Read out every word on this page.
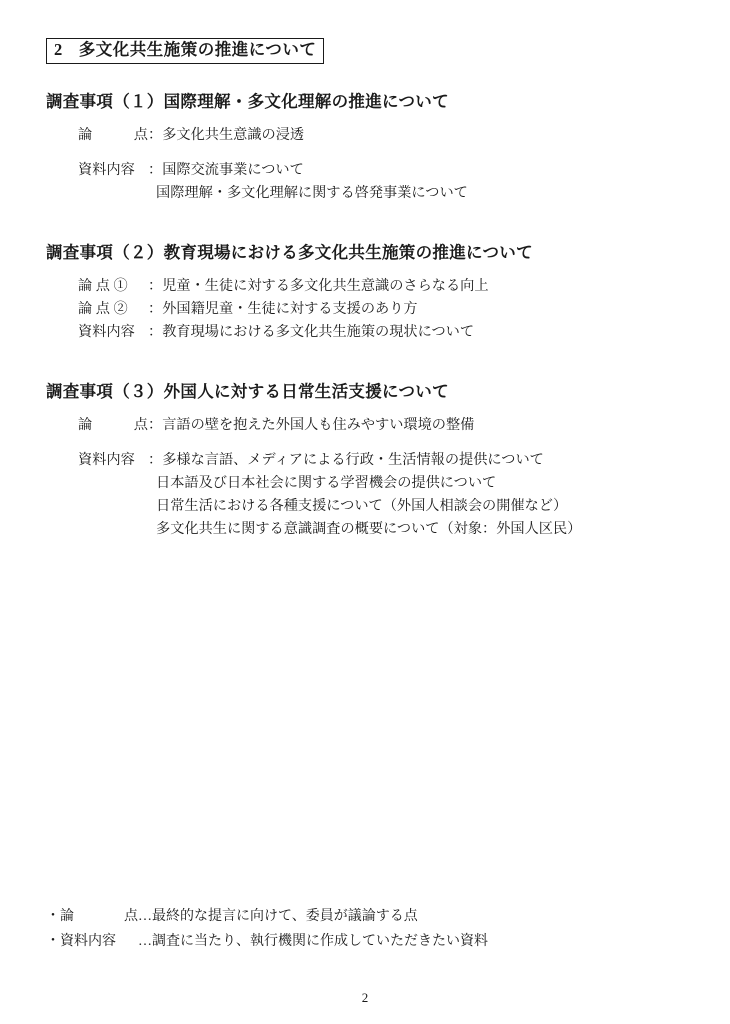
2 多文化共生施策の推進について
調査事項（１）国際理解・多文化理解の推進について
論	点 ： 多文化共生意識の浸透
資料内容 ： 国際交流事業について
国際理解・多文化理解に関する啓発事業について
調査事項（２）教育現場における多文化共生施策の推進について
論 点 ①	： 児童・生徒に対する多文化共生意識のさらなる向上
論 点 ②	： 外国籍児童・生徒に対する支援のあり方
資料内容 ： 教育現場における多文化共生施策の現状について
調査事項（３）外国人に対する日常生活支援について
論	点 ： 言語の壁を抱えた外国人も住みやすい環境の整備
資料内容 ： 多様な言語、メディアによる行政・生活情報の提供について
日本語及び日本社会に関する学習機会の提供について
日常生活における各種支援について（外国人相談会の開催など）
多文化共生に関する意識調査の概要について（対象：外国人区民）
・ 論	点 …最終的な提言に向けて、委員が議論する点
・ 資料内容	…調査に当たり、執行機関に作成していただきたい資料
2
